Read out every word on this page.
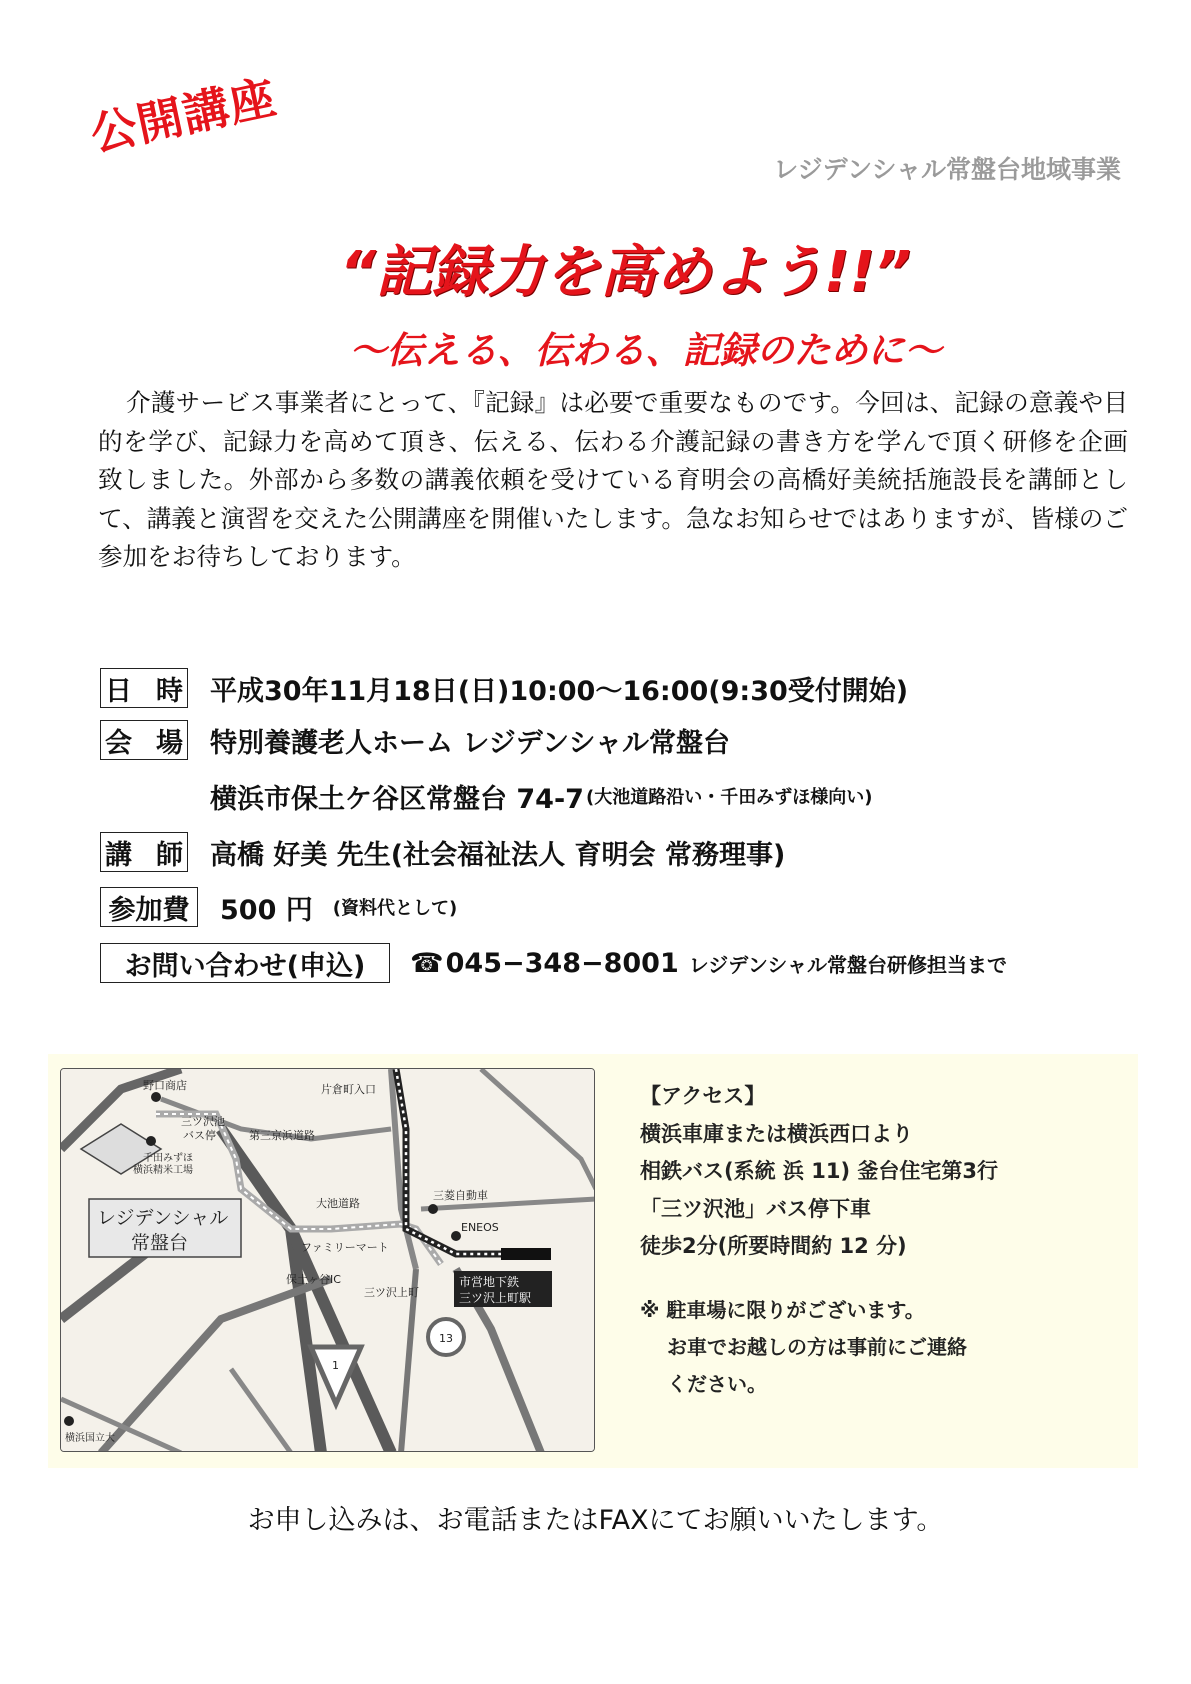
公開講座
レジデンシャル常盤台地域事業
“記録力を高めよう!!”
〜伝える、伝わる、記録のために〜
介護サービス事業者にとって、『記録』は必要で重要なものです。今回は、記録の意義や目的を学び、記録力を高めて頂き、伝える、伝わる介護記録の書き方を学んで頂く研修を企画致しました。外部から多数の講義依頼を受けている育明会の高橋好美統括施設長を講師として、講義と演習を交えた公開講座を開催いたします。急なお知らせではありますが、皆様のご参加をお待ちしております。
日 時 平成30年11月18日(日)10:00〜16:00(9:30受付開始)
会 場 特別養護老人ホーム レジデンシャル常盤台
横浜市保土ケ谷区常盤台 74-7 (大池道路沿い・千田みずほ様向い)
講 師 高橋 好美 先生(社会福祉法人 育明会 常務理事)
参加費	500 円 (資料代として)
お問い合わせ(申込)	☎ 045−348−8001 レジデンシャル常盤台研修担当まで
野口商店
三ツ沢池
バス停
千田みずほ
横浜精米工場
第三京浜道路
片倉町入口
大池道路
三菱自動車
ENEOS
ファミリーマート
保土ヶ谷IC
三ツ沢上町
市営地下鉄
三ツ沢上町駅
1
13
横浜国立大
レジデンシャル
常盤台
【アクセス】
横浜車庫または横浜西口より
相鉄バス(系統 浜 11) 釜台住宅第3行
「三ツ沢池」バス停下車
徒歩2分(所要時間約 12 分)
※ 駐車場に限りがございます。
　 お車でお越しの方は事前にご連絡
　 ください。
お申し込みは、お電話またはFAXにてお願いいたします。
